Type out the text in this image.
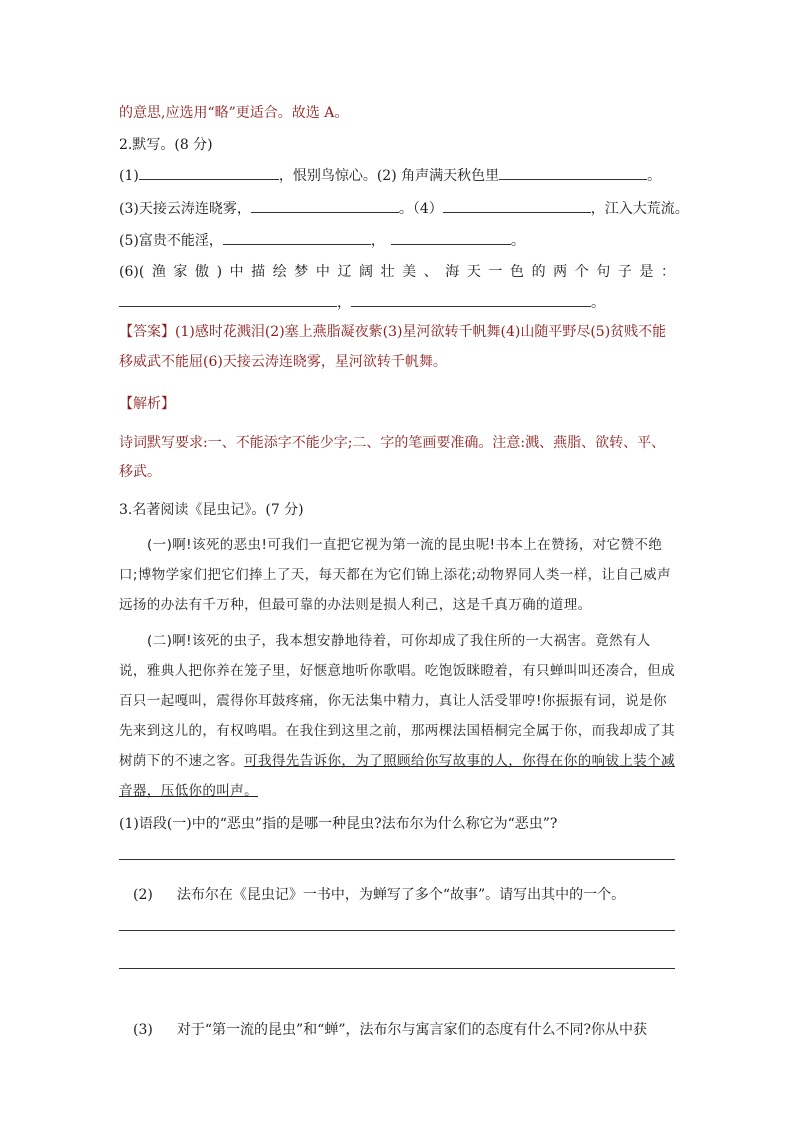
的意思,应选用“略”更适合。故选 A。
2.默写。(8 分)
(1)	，恨别鸟惊心。(2) 角声满天秋色里	。
(3)天接云涛连晓雾，	。（4）	，江入大荒流。
(5)富贵不能淫，	，	。
(6)(渔家傲)中描绘梦中辽阔壮美、海天一色的两个句子是：
，	。
【答案】(1)感时花溅泪(2)塞上燕脂凝夜紫(3)星河欲转千帆舞(4)山随平野尽(5)贫贱不能
移威武不能屈(6)天接云涛连晓雾，星河欲转千帆舞。
【解析】
诗词默写要求:一、不能添字不能少字;二、字的笔画要准确。注意:溅、燕脂、欲转、平、
移武。
3.名著阅读《昆虫记》。(7 分)

(一)啊!该死的恶虫!可我们一直把它视为第一流的昆虫呢!书本上在赞扬，对它赞不绝口;博物学家们把它们捧上了天，每天都在为它们锦上添花;动物界同人类一样，让自己威声远扬的办法有千万种，但最可靠的办法则是损人利己，这是千真万确的道理。

(二)啊!该死的虫子，我本想安静地待着，可你却成了我住所的一大祸害。竟然有人说，雅典人把你养在笼子里，好惬意地听你歌唱。吃饱饭眯瞪着，有只蝉叫叫还凑合，但成百只一起嘎叫，震得你耳鼓疼痛，你无法集中精力，真让人活受罪哼!你振振有词，说是你先来到这儿的，有权鸣唱。在我住到这里之前，那两棵法国梧桐完全属于你，而我却成了其树荫下的不速之客。可我得先告诉你，为了照顾给你写故事的人，你得在你的响钹上装个减音器，压低你的叫声。

(1)语段(一)中的“恶虫”指的是哪一种昆虫?法布尔为什么称它为“恶虫”?
(2) 法布尔在《昆虫记》一书中，为蝉写了多个“故事”。请写出其中的一个。
(3) 对于“第一流的昆虫”和“蝉”，法布尔与寓言家们的态度有什么不同?你从中获
